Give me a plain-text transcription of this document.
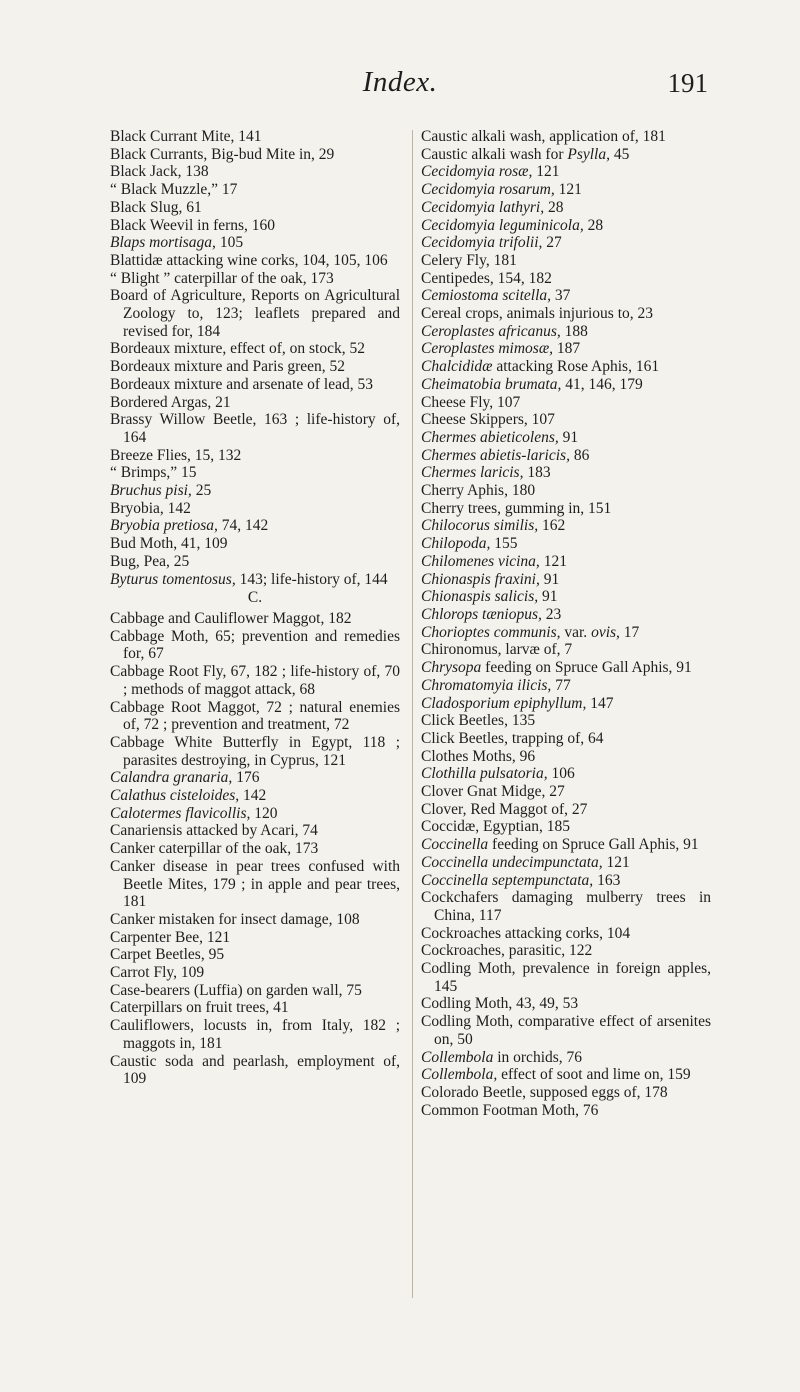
Index.	191
Black Currant Mite, 141
Black Currants, Big-bud Mite in, 29
Black Jack, 138
“ Black Muzzle,” 17
Black Slug, 61
Black Weevil in ferns, 160
Blaps mortisaga, 105
Blattidæ attacking wine corks, 104, 105, 106
“ Blight ” caterpillar of the oak, 173
Board of Agriculture, Reports on Agricultural Zoology to, 123; leaflets prepared and revised for, 184
Bordeaux mixture, effect of, on stock, 52
Bordeaux mixture and Paris green, 52
Bordeaux mixture and arsenate of lead, 53
Bordered Argas, 21
Brassy Willow Beetle, 163 ; life-history of, 164
Breeze Flies, 15, 132
“ Brimps,” 15
Bruchus pisi, 25
Bryobia, 142
Bryobia pretiosa, 74, 142
Bud Moth, 41, 109
Bug, Pea, 25
Byturus tomentosus, 143; life-history of, 144
C.
Cabbage and Cauliflower Maggot, 182
Cabbage Moth, 65; prevention and remedies for, 67
Cabbage Root Fly, 67, 182 ; life-history of, 70 ; methods of maggot attack, 68
Cabbage Root Maggot, 72 ; natural enemies of, 72 ; prevention and treatment, 72
Cabbage White Butterfly in Egypt, 118 ; parasites destroying, in Cyprus, 121
Calandra granaria, 176
Calathus cisteloides, 142
Calotermes flavicollis, 120
Canariensis attacked by Acari, 74
Canker caterpillar of the oak, 173
Canker disease in pear trees confused with Beetle Mites, 179 ; in apple and pear trees, 181
Canker mistaken for insect damage, 108
Carpenter Bee, 121
Carpet Beetles, 95
Carrot Fly, 109
Case-bearers (Luffia) on garden wall, 75
Caterpillars on fruit trees, 41
Cauliflowers, locusts in, from Italy, 182 ; maggots in, 181
Caustic soda and pearlash, employment of, 109
Caustic alkali wash, application of, 181
Caustic alkali wash for Psylla, 45
Cecidomyia rosæ, 121
Cecidomyia rosarum, 121
Cecidomyia lathyri, 28
Cecidomyia leguminicola, 28
Cecidomyia trifolii, 27
Celery Fly, 181
Centipedes, 154, 182
Cemiostoma scitella, 37
Cereal crops, animals injurious to, 23
Ceroplastes africanus, 188
Ceroplastes mimosæ, 187
Chalcididæ attacking Rose Aphis, 161
Cheimatobia brumata, 41, 146, 179
Cheese Fly, 107
Cheese Skippers, 107
Chermes abieticolens, 91
Chermes abietis-laricis, 86
Chermes laricis, 183
Cherry Aphis, 180
Cherry trees, gumming in, 151
Chilocorus similis, 162
Chilopoda, 155
Chilomenes vicina, 121
Chionaspis fraxini, 91
Chionaspis salicis, 91
Chlorops tæniopus, 23
Chorioptes communis, var. ovis, 17
Chironomus, larvæ of, 7
Chrysopa feeding on Spruce Gall Aphis, 91
Chromatomyia ilicis, 77
Cladosporium epiphyllum, 147
Click Beetles, 135
Click Beetles, trapping of, 64
Clothes Moths, 96
Clothilla pulsatoria, 106
Clover Gnat Midge, 27
Clover, Red Maggot of, 27
Coccidæ, Egyptian, 185
Coccinella feeding on Spruce Gall Aphis, 91
Coccinella undecimpunctata, 121
Coccinella septempunctata, 163
Cockchafers damaging mulberry trees in China, 117
Cockroaches attacking corks, 104
Cockroaches, parasitic, 122
Codling Moth, prevalence in foreign apples, 145
Codling Moth, 43, 49, 53
Codling Moth, comparative effect of arsenites on, 50
Collembola in orchids, 76
Collembola, effect of soot and lime on, 159
Colorado Beetle, supposed eggs of, 178
Common Footman Moth, 76
